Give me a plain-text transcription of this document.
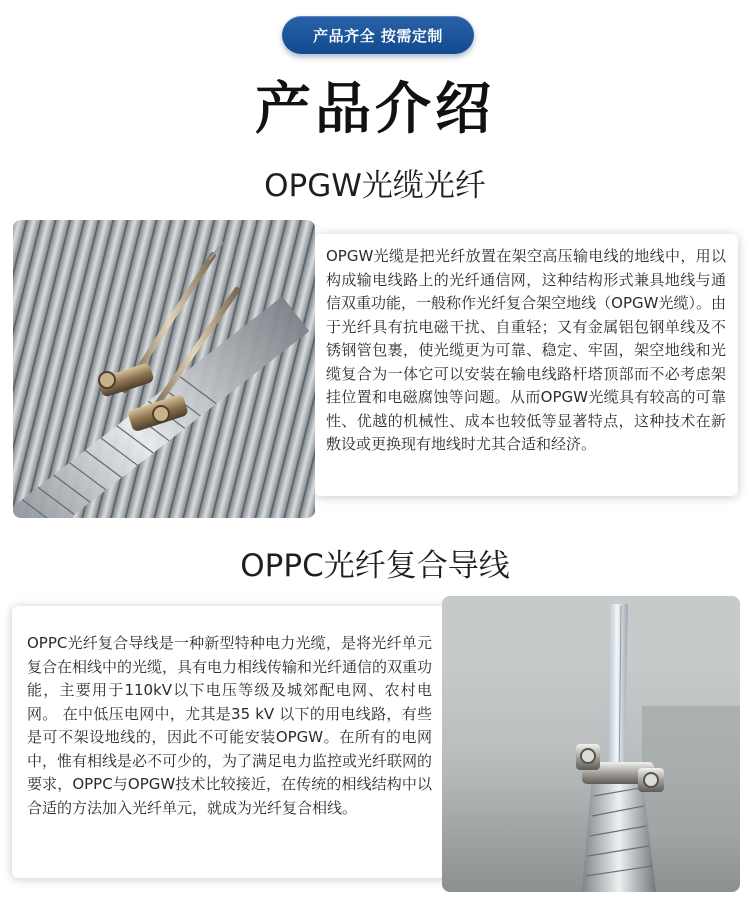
产品齐全 按需定制
产品介绍
OPGW光缆光纤
OPGW光缆是把光纤放置在架空高压输电线的地线中，用以构成输电线路上的光纤通信网，这种结构形式兼具地线与通信双重功能，一般称作光纤复合架空地线（OPGW光缆）。由于光纤具有抗电磁干扰、自重轻；又有金属铝包钢单线及不锈钢管包裹，使光缆更为可靠、稳定、牢固，架空地线和光缆复合为一体它可以安装在输电线路杆塔顶部而不必考虑架挂位置和电磁腐蚀等问题。从而OPGW光缆具有较高的可靠性、优越的机械性、成本也较低等显著特点，这种技术在新敷设或更换现有地线时尤其合适和经济。
OPPC光纤复合导线
OPPC光纤复合导线是一种新型特种电力光缆，是将光纤单元复合在相线中的光缆，具有电力相线传输和光纤通信的双重功能，主要用于110kV以下电压等级及城郊配电网、农村电网。 在中低压电网中，尤其是35 kV 以下的用电线路，有些是可不架设地线的，因此不可能安装OPGW。在所有的电网中，惟有相线是必不可少的，为了满足电力监控或光纤联网的要求，OPPC与OPGW技术比较接近，在传统的相线结构中以合适的方法加入光纤单元，就成为光纤复合相线。
